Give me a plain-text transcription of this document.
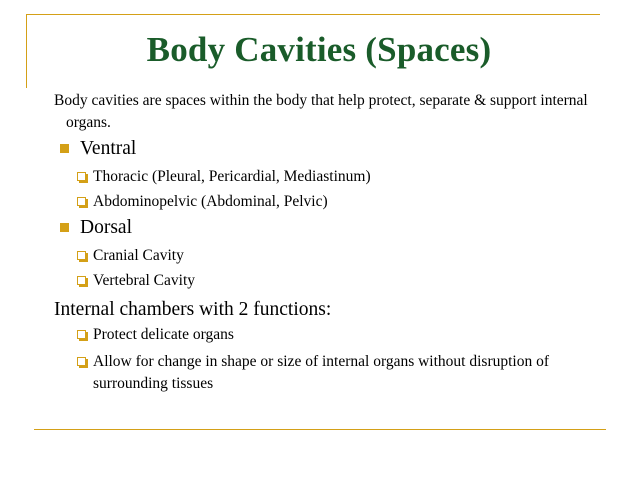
Body Cavities (Spaces)
Body cavities are spaces within the body that help protect, separate & support internal organs.
Ventral
Thoracic (Pleural, Pericardial, Mediastinum)
Abdominopelvic (Abdominal, Pelvic)
Dorsal
Cranial Cavity
Vertebral Cavity
Internal chambers with 2 functions:
Protect delicate organs
Allow for change in shape or size of internal organs without disruption of surrounding tissues
